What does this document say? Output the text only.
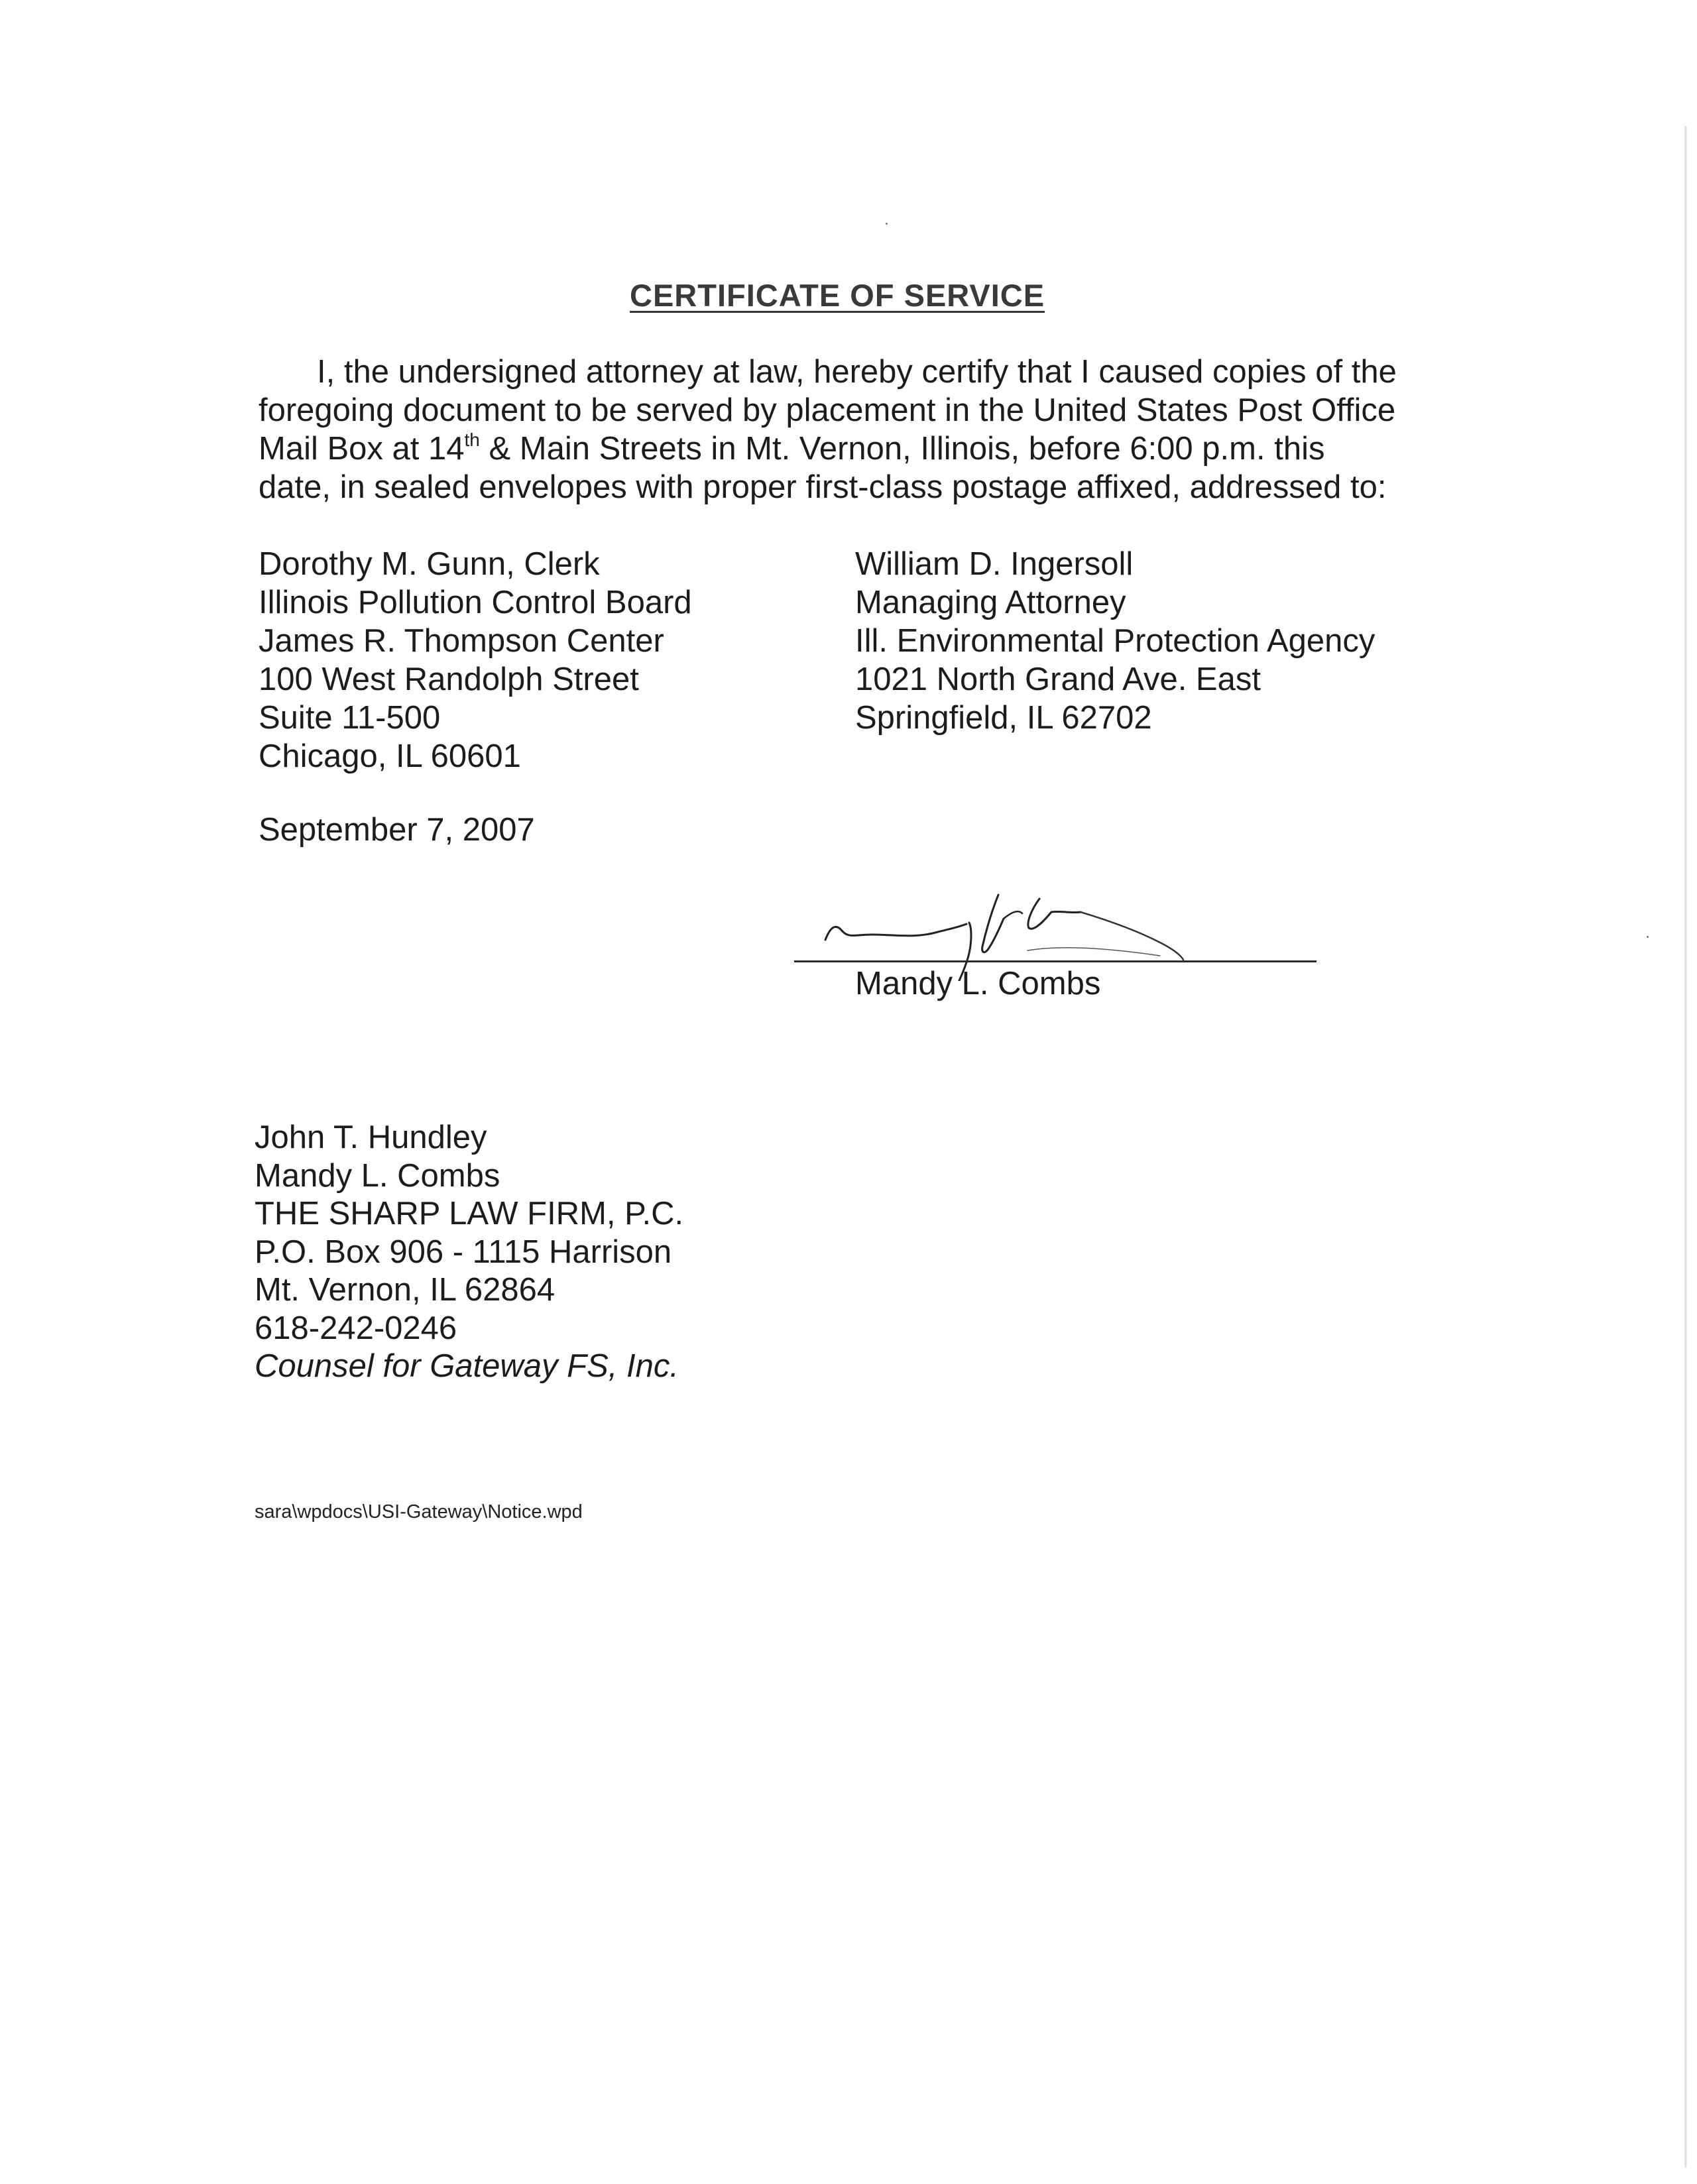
CERTIFICATE OF SERVICE
I, the undersigned attorney at law, hereby certify that I caused copies of the
foregoing document to be served by placement in the United States Post Office
Mail Box at 14th & Main Streets in Mt. Vernon, Illinois, before 6:00 p.m. this
date, in sealed envelopes with proper first-class postage affixed, addressed to:
Dorothy M. Gunn, Clerk
Illinois Pollution Control Board
James R. Thompson Center
100 West Randolph Street
Suite 11-500
Chicago, IL 60601
William D. Ingersoll
Managing Attorney
Ill. Environmental Protection Agency
1021 North Grand Ave. East
Springfield, IL 62702
September 7, 2007
Mandy L. Combs
John T. Hundley
Mandy L. Combs
THE SHARP LAW FIRM, P.C.
P.O. Box 906 - 1115 Harrison
Mt. Vernon, IL 62864
618-242-0246
Counsel for Gateway FS, Inc.
sara\wpdocs\USI-Gateway\Notice.wpd
